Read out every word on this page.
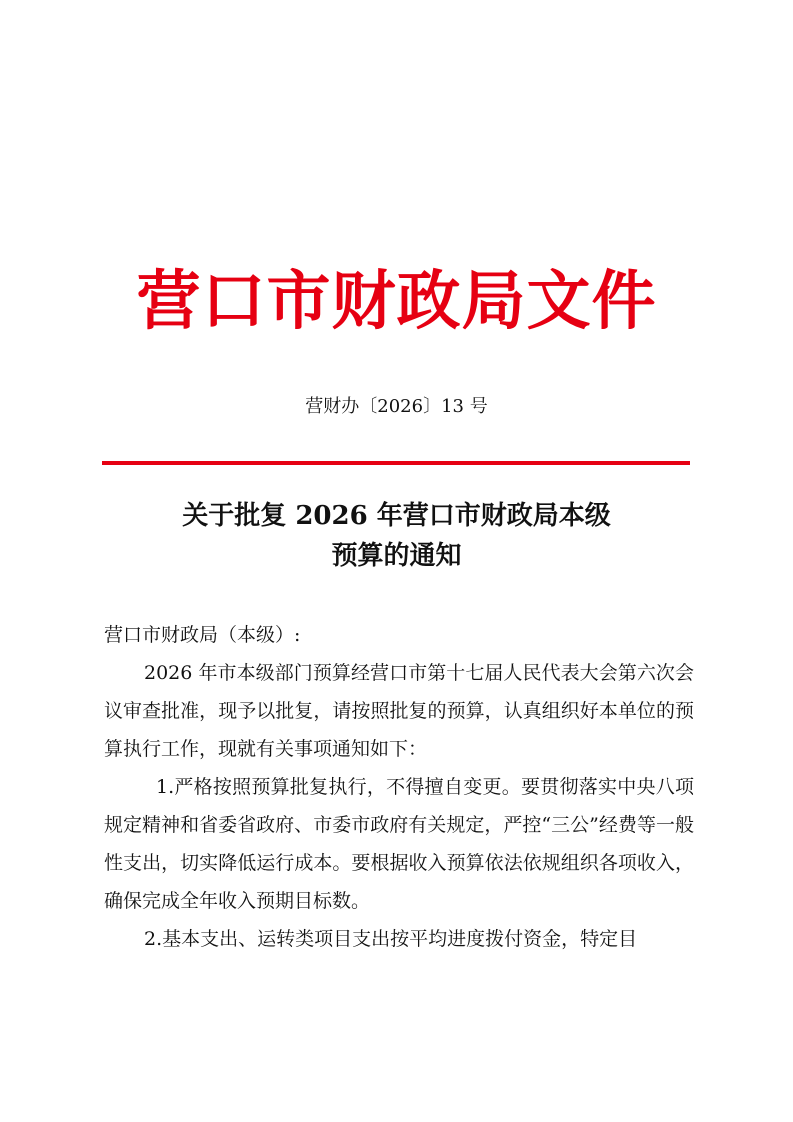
营口市财政局文件
营财办〔2026〕13 号
关于批复 2026 年营口市财政局本级
预算的通知

营口市财政局（本级）:

2026 年市本级部门预算经营口市第十七届人民代表大会第六次会议审查批准，现予以批复，请按照批复的预算，认真组织好本单位的预算执行工作，现就有关事项通知如下：

1.严格按照预算批复执行，不得擅自变更。要贯彻落实中央八项规定精神和省委省政府、市委市政府有关规定，严控“三公”经费等一般性支出，切实降低运行成本。要根据收入预算依法依规组织各项收入，确保完成全年收入预期目标数。

2.基本支出、运转类项目支出按平均进度拨付资金，特定目
